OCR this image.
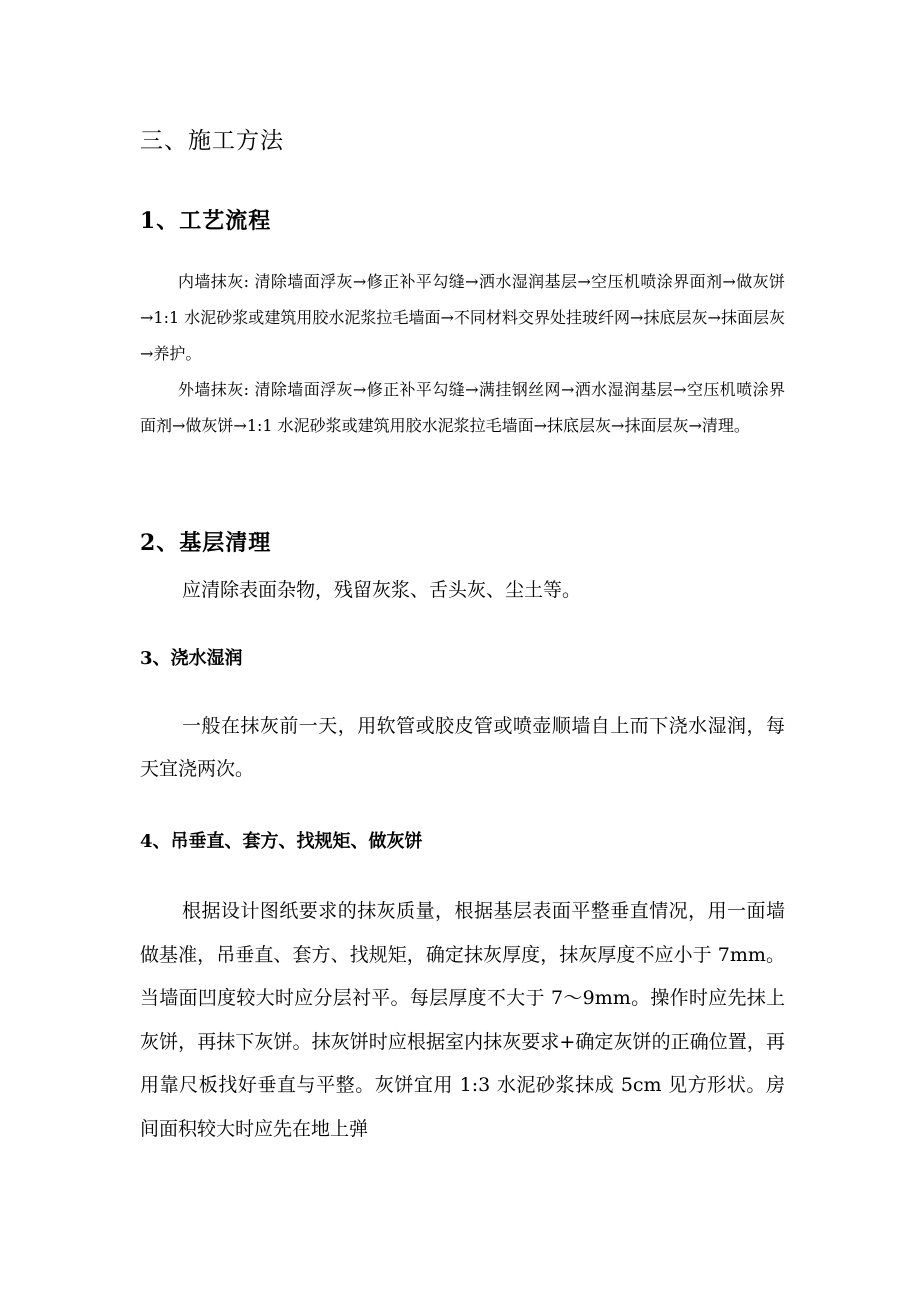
三、施工方法
1、工艺流程

内墙抹灰: 清除墙面浮灰→修正补平勾缝→洒水湿润基层→空压机喷涂界面剂→做灰饼→1:1 水泥砂浆或建筑用胶水泥浆拉毛墙面→不同材料交界处挂玻纤网→抹底层灰→抹面层灰→养护。

外墙抹灰: 清除墙面浮灰→修正补平勾缝→满挂钢丝网→洒水湿润基层→空压机喷涂界面剂→做灰饼→1:1 水泥砂浆或建筑用胶水泥浆拉毛墙面→抹底层灰→抹面层灰→清理。

2、基层清理

应清除表面杂物，残留灰浆、舌头灰、尘土等。

3、浇水湿润

一般在抹灰前一天，用软管或胶皮管或喷壶顺墙自上而下浇水湿润，每天宜浇两次。

4、吊垂直、套方、找规矩、做灰饼

根据设计图纸要求的抹灰质量，根据基层表面平整垂直情况，用一面墙做基准，吊垂直、套方、找规矩，确定抹灰厚度，抹灰厚度不应小于 7mm。当墙面凹度较大时应分层衬平。每层厚度不大于 7～9mm。操作时应先抹上灰饼，再抹下灰饼。抹灰饼时应根据室内抹灰要求+确定灰饼的正确位置，再用靠尺板找好垂直与平整。灰饼宜用 1:3 水泥砂浆抹成 5cm 见方形状。房间面积较大时应先在地上弹
